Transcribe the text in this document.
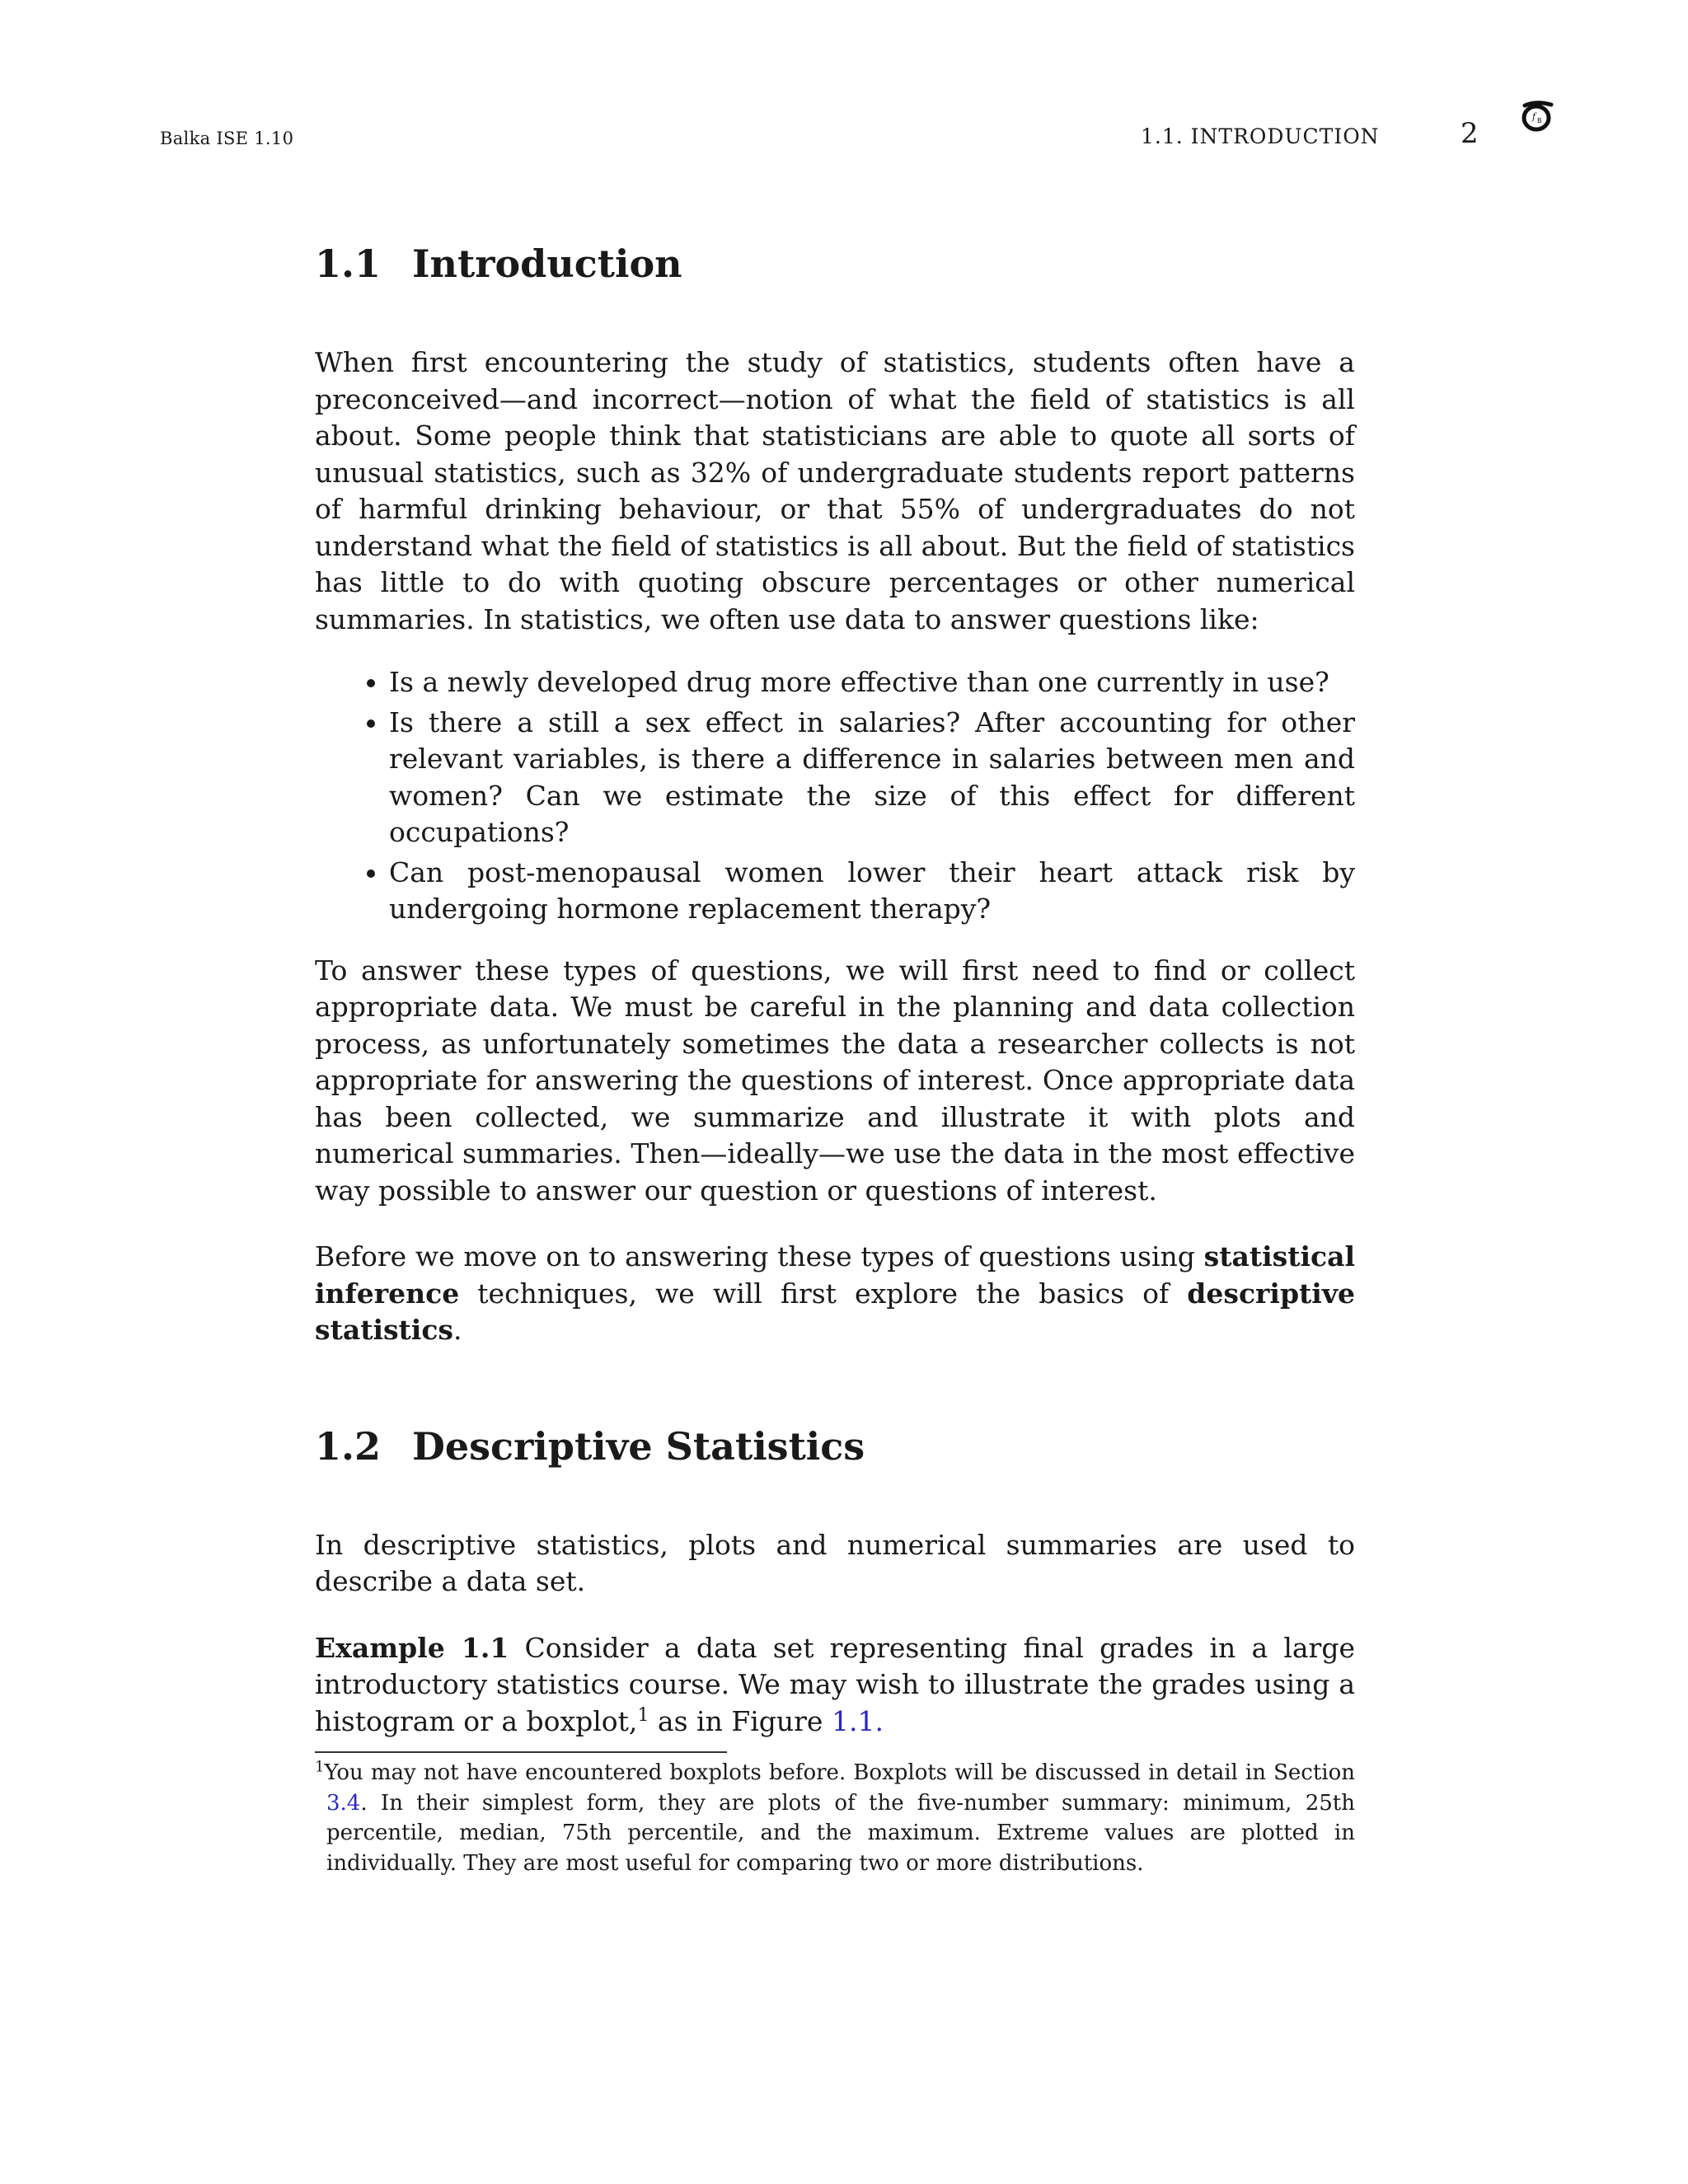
Balka ISE 1.10	1.1. INTRODUCTION	2
f B
1.1 Introduction

When first encountering the study of statistics, students often have a preconceived—and incorrect—notion of what the field of statistics is all about. Some people think that statisticians are able to quote all sorts of unusual statistics, such as 32% of undergraduate students report patterns of harmful drinking behaviour, or that 55% of undergraduates do not understand what the field of statistics is all about. But the field of statistics has little to do with quoting obscure percentages or other numerical summaries. In statistics, we often use data to answer questions like:

• Is a newly developed drug more effective than one currently in use?
• Is there a still a sex effect in salaries? After accounting for other relevant variables, is there a difference in salaries between men and women? Can we estimate the size of this effect for different occupations?
• Can post-menopausal women lower their heart attack risk by undergoing hormone replacement therapy?

To answer these types of questions, we will first need to find or collect appropriate data. We must be careful in the planning and data collection process, as unfortunately sometimes the data a researcher collects is not appropriate for answering the questions of interest. Once appropriate data has been collected, we summarize and illustrate it with plots and numerical summaries. Then—ideally—we use the data in the most effective way possible to answer our question or questions of interest.

Before we move on to answering these types of questions using statistical inference techniques, we will first explore the basics of descriptive statistics.

1.2 Descriptive Statistics

In descriptive statistics, plots and numerical summaries are used to describe a data set.

Example 1.1 Consider a data set representing final grades in a large introductory statistics course. We may wish to illustrate the grades using a histogram or a boxplot,$^1$ as in Figure 1.1.

$^1$You may not have encountered boxplots before. Boxplots will be discussed in detail in Section 3.4. In their simplest form, they are plots of the five-number summary: minimum, 25th percentile, median, 75th percentile, and the maximum. Extreme values are plotted in individually. They are most useful for comparing two or more distributions.
